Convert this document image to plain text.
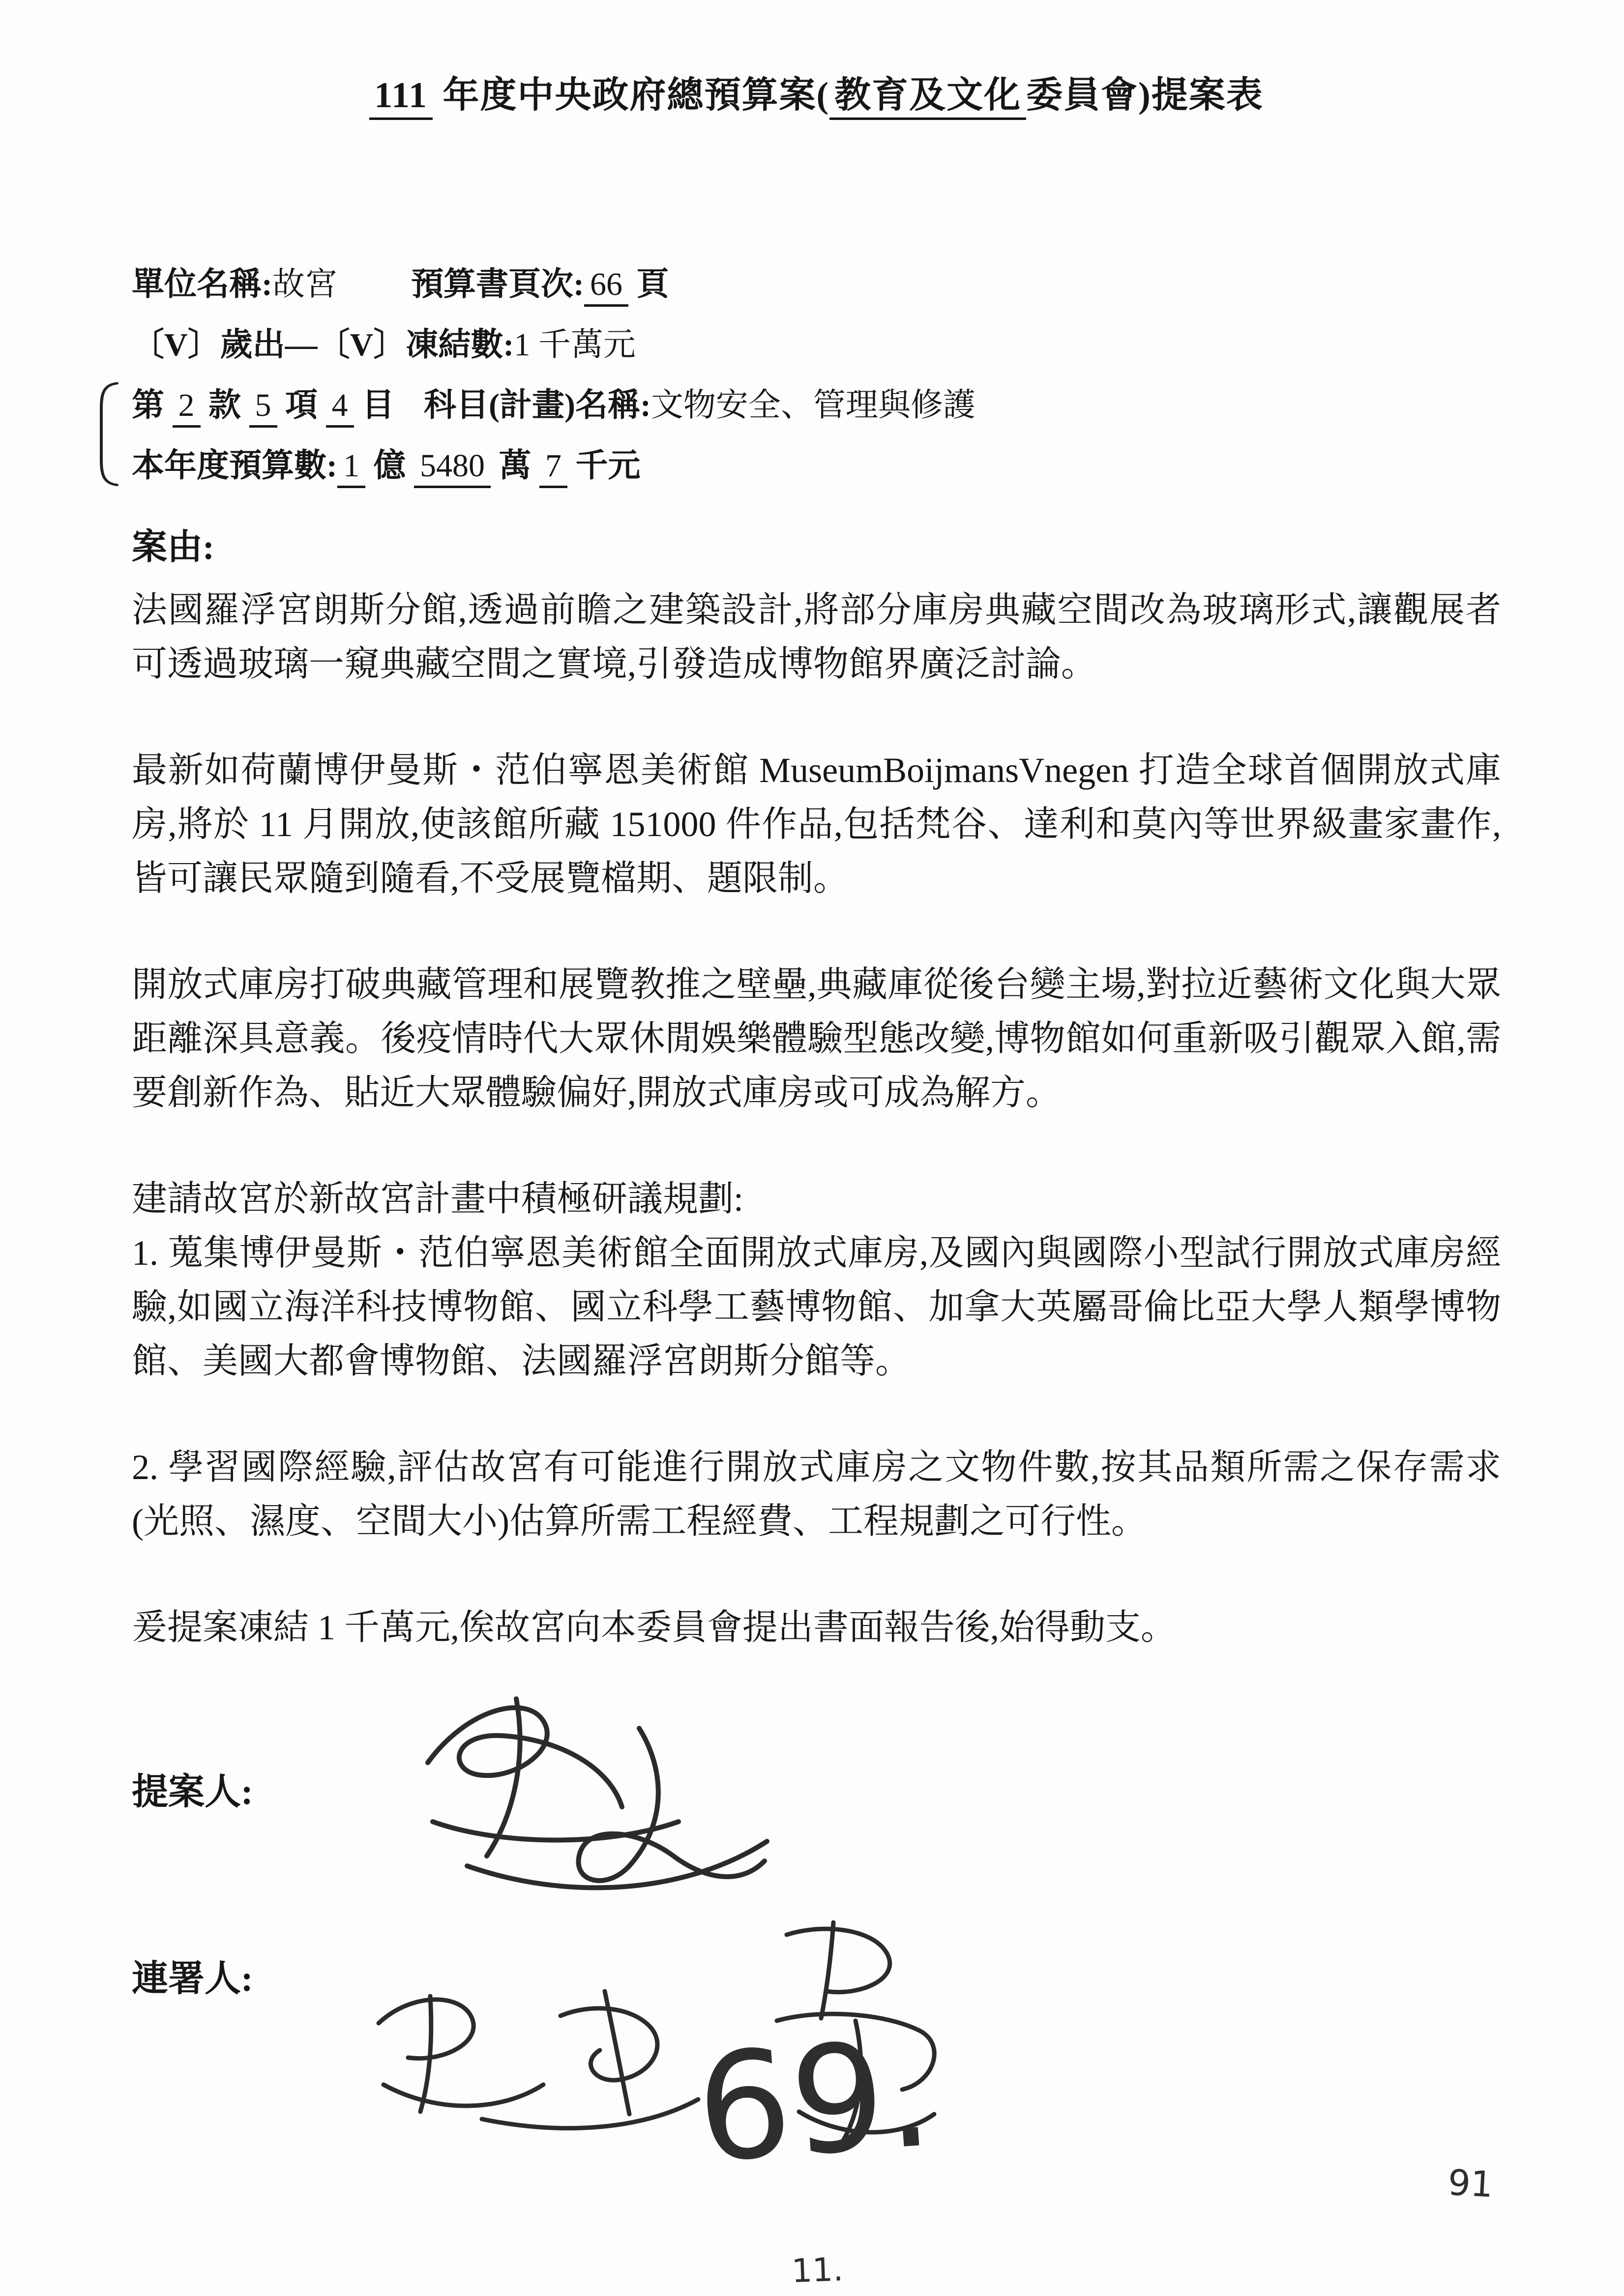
111 年度中央政府總預算案( 教育及文化 委員會)提案表
單位名稱:故宮 預算書頁次: 66 頁
〔V〕歲出—〔V〕凍結數:1 千萬元
第 2 款 5 項 4 目 科目(計畫)名稱:文物安全、管理與修護
本年度預算數: 1 億 5480 萬 7 千元
案由:

法國羅浮宮朗斯分館,透過前瞻之建築設計,將部分庫房典藏空間改為玻璃形式,讓觀展者可透過玻璃一窺典藏空間之實境,引發造成博物館界廣泛討論。

最新如荷蘭博伊曼斯・范伯寧恩美術館 MuseumBoijmansVnegen 打造全球首個開放式庫房,將於 11 月開放,使該館所藏 151000 件作品,包括梵谷、達利和莫內等世界級畫家畫作,皆可讓民眾隨到隨看,不受展覽檔期、題限制。

開放式庫房打破典藏管理和展覽教推之壁壘,典藏庫從後台變主場,對拉近藝術文化與大眾距離深具意義。後疫情時代大眾休閒娛樂體驗型態改變,博物館如何重新吸引觀眾入館,需要創新作為、貼近大眾體驗偏好,開放式庫房或可成為解方。

建請故宮於新故宮計畫中積極研議規劃:

1. 蒐集博伊曼斯・范伯寧恩美術館全面開放式庫房,及國內與國際小型試行開放式庫房經驗,如國立海洋科技博物館、國立科學工藝博物館、加拿大英屬哥倫比亞大學人類學博物館、美國大都會博物館、法國羅浮宮朗斯分館等。

2. 學習國際經驗,評估故宮有可能進行開放式庫房之文物件數,按其品類所需之保存需求(光照、濕度、空間大小)估算所需工程經費、工程規劃之可行性。

爰提案凍結 1 千萬元,俟故宮向本委員會提出書面報告後,始得動支。

提案人:
連署人:
69.	91
11.
